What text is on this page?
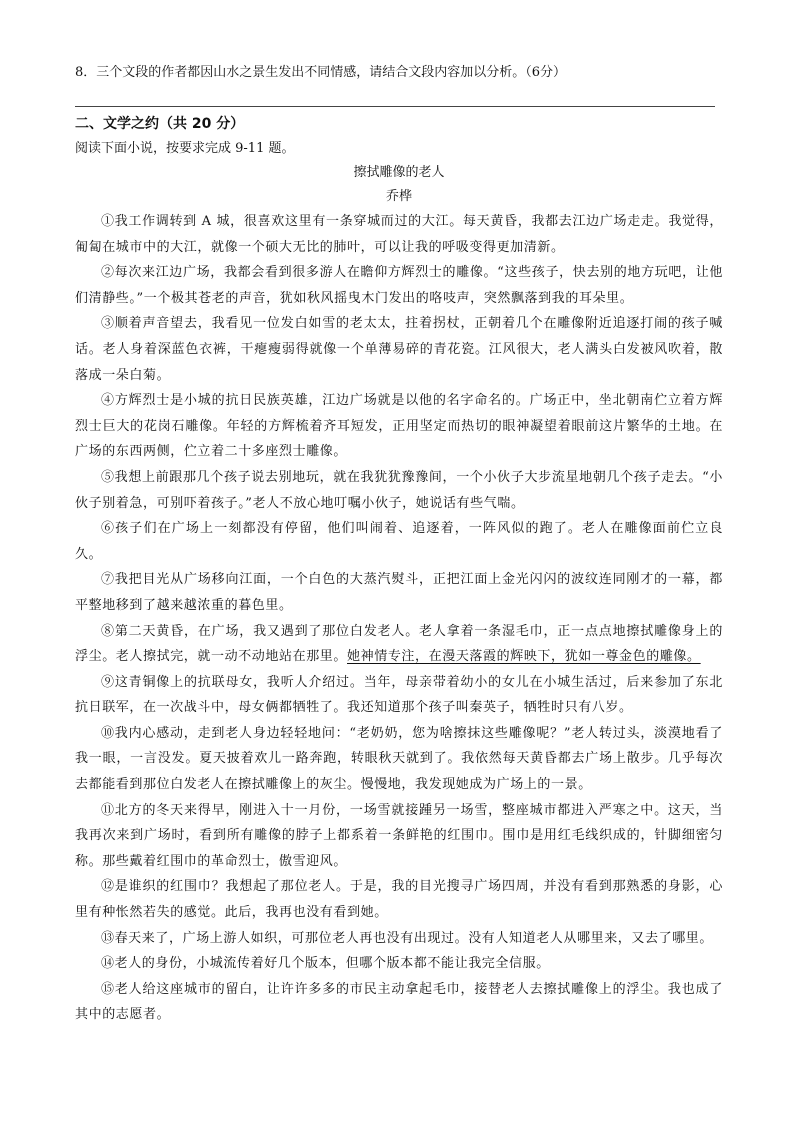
8．三个文段的作者都因山水之景生发出不同情感，请结合文段内容加以分析。（6分）

二、文学之约（共 20 分）

阅读下面小说，按要求完成 9-11 题。

擦拭雕像的老人

乔桦

①我工作调转到 A 城，很喜欢这里有一条穿城而过的大江。每天黄昏，我都去江边广场走走。我觉得，匍匐在城市中的大江，就像一个硕大无比的肺叶，可以让我的呼吸变得更加清新。

②每次来江边广场，我都会看到很多游人在瞻仰方辉烈士的雕像。“这些孩子，快去别的地方玩吧，让他们清静些。”一个极其苍老的声音，犹如秋风摇曳木门发出的咯吱声，突然飘落到我的耳朵里。

③顺着声音望去，我看见一位发白如雪的老太太，拄着拐杖，正朝着几个在雕像附近追逐打闹的孩子喊话。老人身着深蓝色衣裤，干瘪瘦弱得就像一个单薄易碎的青花瓷。江风很大，老人满头白发被风吹着，散落成一朵白菊。

④方辉烈士是小城的抗日民族英雄，江边广场就是以他的名字命名的。广场正中，坐北朝南伫立着方辉烈士巨大的花岗石雕像。年轻的方辉梳着齐耳短发，正用坚定而热切的眼神凝望着眼前这片繁华的土地。在广场的东西两侧，伫立着二十多座烈士雕像。

⑤我想上前跟那几个孩子说去别地玩，就在我犹犹豫豫间，一个小伙子大步流星地朝几个孩子走去。“小伙子别着急，可别吓着孩子。”老人不放心地叮嘱小伙子，她说话有些气喘。

⑥孩子们在广场上一刻都没有停留，他们叫闹着、追逐着，一阵风似的跑了。老人在雕像面前伫立良久。

⑦我把目光从广场移向江面，一个白色的大蒸汽熨斗，正把江面上金光闪闪的波纹连同刚才的一幕，都平整地移到了越来越浓重的暮色里。

⑧第二天黄昏，在广场，我又遇到了那位白发老人。老人拿着一条湿毛巾，正一点点地擦拭雕像身上的浮尘。老人擦拭完，就一动不动地站在那里。她神情专注，在漫天落霞的辉映下，犹如一尊金色的雕像。

⑨这青铜像上的抗联母女，我听人介绍过。当年，母亲带着幼小的女儿在小城生活过，后来参加了东北抗日联军，在一次战斗中，母女俩都牺牲了。我还知道那个孩子叫秦英子，牺牲时只有八岁。

⑩我内心感动，走到老人身边轻轻地问：“老奶奶，您为啥擦抹这些雕像呢？”老人转过头，淡漠地看了我一眼，一言没发。夏天披着欢儿一路奔跑，转眼秋天就到了。我依然每天黄昏都去广场上散步。几乎每次去都能看到那位白发老人在擦拭雕像上的灰尘。慢慢地，我发现她成为广场上的一景。

⑪北方的冬天来得早，刚进入十一月份，一场雪就接踵另一场雪，整座城市都进入严寒之中。这天，当我再次来到广场时，看到所有雕像的脖子上都系着一条鲜艳的红围巾。围巾是用红毛线织成的，针脚细密匀称。那些戴着红围巾的革命烈士，傲雪迎风。

⑫是谁织的红围巾？我想起了那位老人。于是，我的目光搜寻广场四周，并没有看到那熟悉的身影，心里有种怅然若失的感觉。此后，我再也没有看到她。

⑬春天来了，广场上游人如织，可那位老人再也没有出现过。没有人知道老人从哪里来，又去了哪里。

⑭老人的身份，小城流传着好几个版本，但哪个版本都不能让我完全信服。

⑮老人给这座城市的留白，让许许多多的市民主动拿起毛巾，接替老人去擦拭雕像上的浮尘。我也成了其中的志愿者。
